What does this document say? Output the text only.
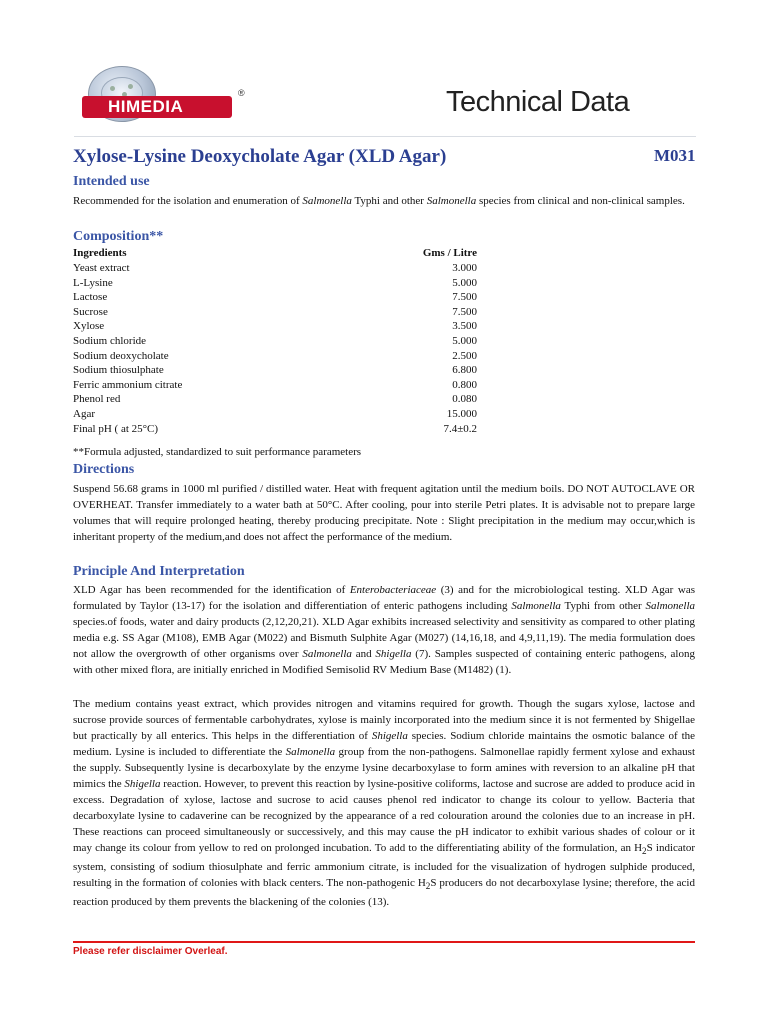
HIMEDIA
®	Technical Data
Xylose-Lysine Deoxycholate Agar (XLD Agar)	M031
Intended use
Recommended for the isolation and enumeration of Salmonella Typhi and other Salmonella species from clinical and non-clinical samples.
Composition**
Ingredients	Gms / Litre
Yeast extract	3.000
L-Lysine	5.000
Lactose	7.500
Sucrose	7.500
Xylose	3.500
Sodium chloride	5.000
Sodium deoxycholate	2.500
Sodium thiosulphate	6.800
Ferric ammonium citrate	0.800
Phenol red	0.080
Agar	15.000
Final pH ( at 25°C)	7.4±0.2
**Formula adjusted, standardized to suit performance parameters
Directions
Suspend 56.68 grams in 1000 ml purified / distilled water. Heat with frequent agitation until the medium boils. DO NOT AUTOCLAVE OR OVERHEAT. Transfer immediately to a water bath at 50°C. After cooling, pour into sterile Petri plates. It is advisable not to prepare large volumes that will require prolonged heating, thereby producing precipitate. Note : Slight precipitation in the medium may occur,which is inheritant property of the medium,and does not affect the performance of the medium.
Principle And Interpretation
XLD Agar has been recommended for the identification of Enterobacteriaceae (3) and for the microbiological testing. XLD Agar was formulated by Taylor (13-17) for the isolation and differentiation of enteric pathogens including Salmonella Typhi from other Salmonella species.of foods, water and dairy products (2,12,20,21). XLD Agar exhibits increased selectivity and sensitivity as compared to other plating media e.g. SS Agar (M108), EMB Agar (M022) and Bismuth Sulphite Agar (M027) (14,16,18, and 4,9,11,19). The media formulation does not allow the overgrowth of other organisms over Salmonella and Shigella (7). Samples suspected of containing enteric pathogens, along with other mixed flora, are initially enriched in Modified Semisolid RV Medium Base (M1482) (1).
The medium contains yeast extract, which provides nitrogen and vitamins required for growth. Though the sugars xylose, lactose and sucrose provide sources of fermentable carbohydrates, xylose is mainly incorporated into the medium since it is not fermented by Shigellae but practically by all enterics. This helps in the differentiation of Shigella species. Sodium chloride maintains the osmotic balance of the medium. Lysine is included to differentiate the Salmonella group from the non-pathogens. Salmonellae rapidly ferment xylose and exhaust the supply. Subsequently lysine is decarboxylate by the enzyme lysine decarboxylase to form amines with reversion to an alkaline pH that mimics the Shigella reaction. However, to prevent this reaction by lysine-positive coliforms, lactose and sucrose are added to produce acid in excess. Degradation of xylose, lactose and sucrose to acid causes phenol red indicator to change its colour to yellow. Bacteria that decarboxylate lysine to cadaverine can be recognized by the appearance of a red colouration around the colonies due to an increase in pH. These reactions can proceed simultaneously or successively, and this may cause the pH indicator to exhibit various shades of colour or it may change its colour from yellow to red on prolonged incubation. To add to the differentiating ability of the formulation, an $H_2S$ indicator system, consisting of sodium thiosulphate and ferric ammonium citrate, is included for the visualization of hydrogen sulphide produced, resulting in the formation of colonies with black centers. The non-pathogenic $H_2S$ producers do not decarboxylase lysine; therefore, the acid reaction produced by them prevents the blackening of the colonies (13).
Please refer disclaimer Overleaf.
